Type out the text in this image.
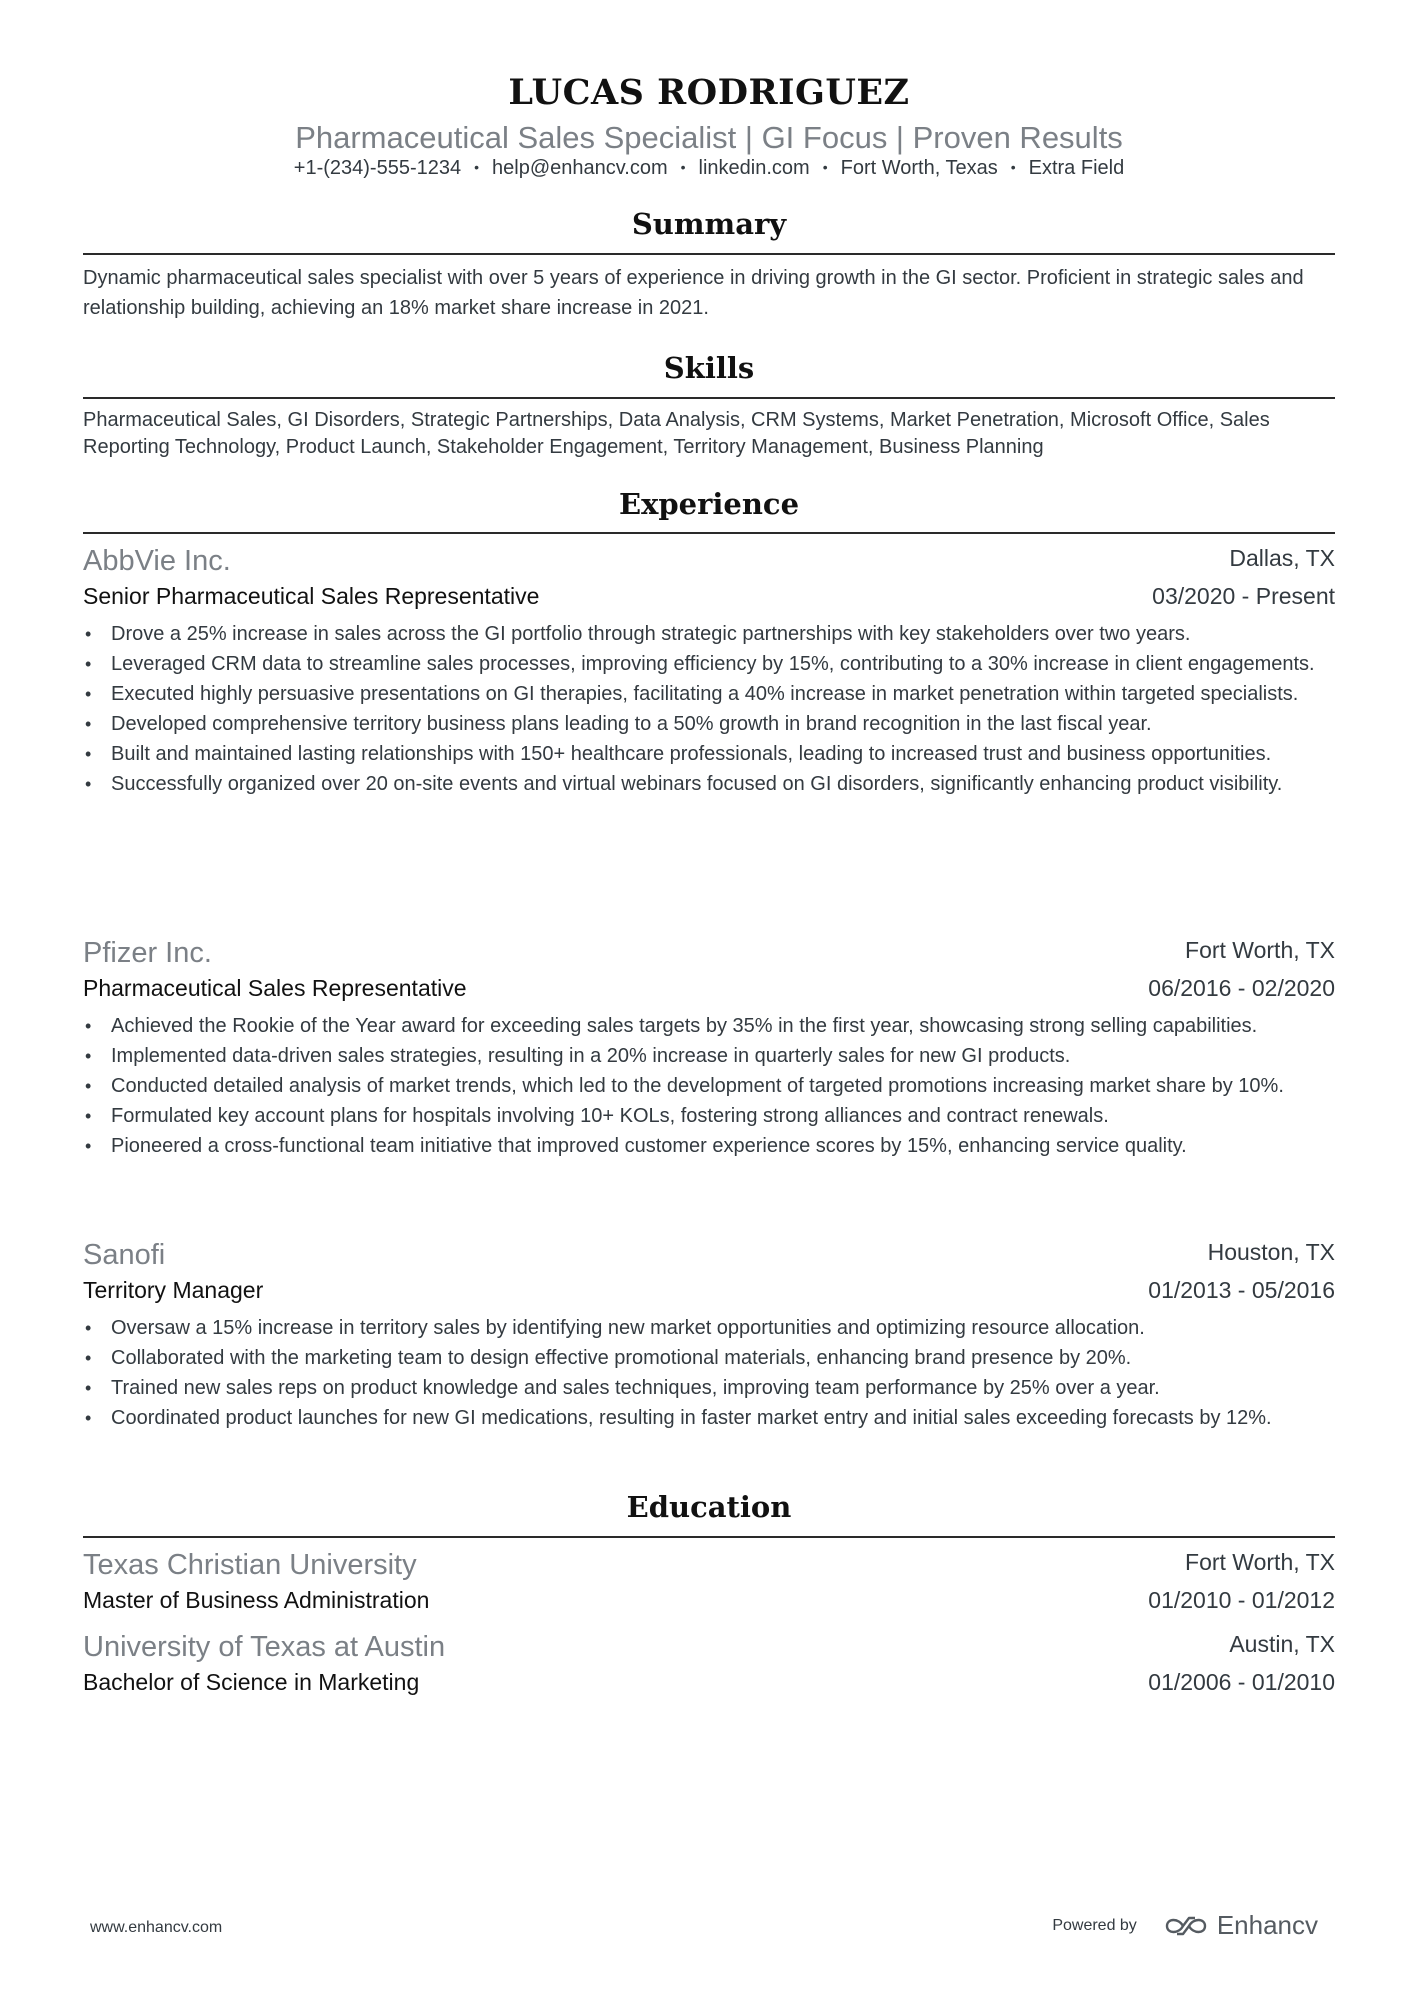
LUCAS RODRIGUEZ
Pharmaceutical Sales Specialist | GI Focus | Proven Results
+1-(234)-555-1234 • help@enhancv.com • linkedin.com • Fort Worth, Texas • Extra Field
Summary
Dynamic pharmaceutical sales specialist with over 5 years of experience in driving growth in the GI sector. Proficient in strategic sales and relationship building, achieving an 18% market share increase in 2021.
Skills
Pharmaceutical Sales, GI Disorders, Strategic Partnerships, Data Analysis, CRM Systems, Market Penetration, Microsoft Office, Sales Reporting Technology, Product Launch, Stakeholder Engagement, Territory Management, Business Planning
Experience
AbbVie Inc.	Dallas, TX
Senior Pharmaceutical Sales Representative	03/2020 - Present
• Drove a 25% increase in sales across the GI portfolio through strategic partnerships with key stakeholders over two years.
• Leveraged CRM data to streamline sales processes, improving efficiency by 15%, contributing to a 30% increase in client engagements.
• Executed highly persuasive presentations on GI therapies, facilitating a 40% increase in market penetration within targeted specialists.
• Developed comprehensive territory business plans leading to a 50% growth in brand recognition in the last fiscal year.
• Built and maintained lasting relationships with 150+ healthcare professionals, leading to increased trust and business opportunities.
• Successfully organized over 20 on-site events and virtual webinars focused on GI disorders, significantly enhancing product visibility.
Pfizer Inc.	Fort Worth, TX
Pharmaceutical Sales Representative	06/2016 - 02/2020
• Achieved the Rookie of the Year award for exceeding sales targets by 35% in the first year, showcasing strong selling capabilities.
• Implemented data-driven sales strategies, resulting in a 20% increase in quarterly sales for new GI products.
• Conducted detailed analysis of market trends, which led to the development of targeted promotions increasing market share by 10%.
• Formulated key account plans for hospitals involving 10+ KOLs, fostering strong alliances and contract renewals.
• Pioneered a cross-functional team initiative that improved customer experience scores by 15%, enhancing service quality.
Sanofi	Houston, TX
Territory Manager	01/2013 - 05/2016
• Oversaw a 15% increase in territory sales by identifying new market opportunities and optimizing resource allocation.
• Collaborated with the marketing team to design effective promotional materials, enhancing brand presence by 20%.
• Trained new sales reps on product knowledge and sales techniques, improving team performance by 25% over a year.
• Coordinated product launches for new GI medications, resulting in faster market entry and initial sales exceeding forecasts by 12%.
Education
Texas Christian University	Fort Worth, TX
Master of Business Administration	01/2010 - 01/2012
University of Texas at Austin	Austin, TX
Bachelor of Science in Marketing	01/2006 - 01/2010
www.enhancv.com	Powered by	Enhancv
